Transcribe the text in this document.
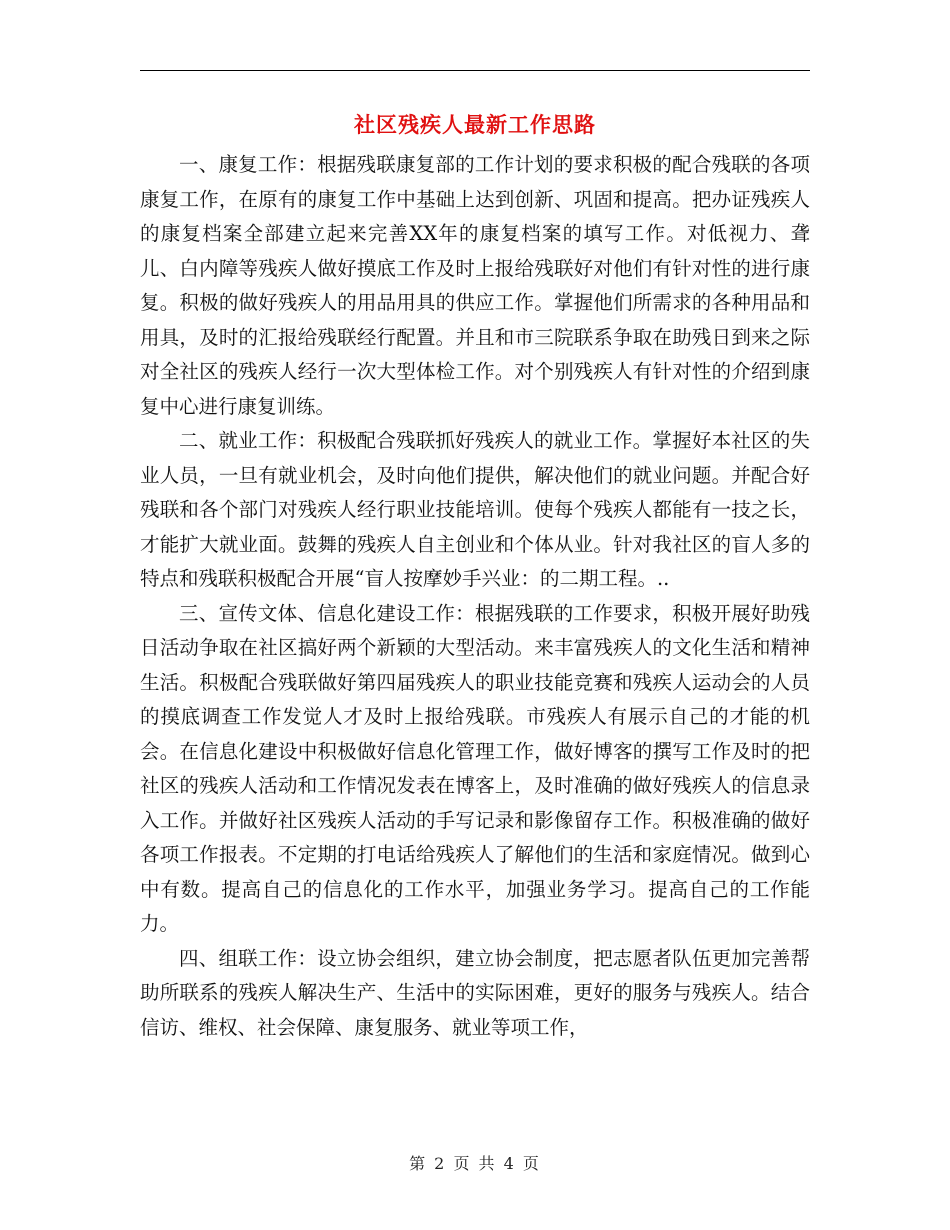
社区残疾人最新工作思路

一、康复工作：根据残联康复部的工作计划的要求积极的配合残联的各项康复工作，在原有的康复工作中基础上达到创新、巩固和提高。把办证残疾人的康复档案全部建立起来完善XX年的康复档案的填写工作。对低视力、聋儿、白内障等残疾人做好摸底工作及时上报给残联好对他们有针对性的进行康复。积极的做好残疾人的用品用具的供应工作。掌握他们所需求的各种用品和用具，及时的汇报给残联经行配置。并且和市三院联系争取在助残日到来之际对全社区的残疾人经行一次大型体检工作。对个别残疾人有针对性的介绍到康复中心进行康复训练。

二、就业工作：积极配合残联抓好残疾人的就业工作。掌握好本社区的失业人员，一旦有就业机会，及时向他们提供，解决他们的就业问题。并配合好残联和各个部门对残疾人经行职业技能培训。使每个残疾人都能有一技之长，才能扩大就业面。鼓舞的残疾人自主创业和个体从业。针对我社区的盲人多的特点和残联积极配合开展“盲人按摩妙手兴业：的二期工程。..

三、宣传文体、信息化建设工作：根据残联的工作要求，积极开展好助残日活动争取在社区搞好两个新颖的大型活动。来丰富残疾人的文化生活和精神生活。积极配合残联做好第四届残疾人的职业技能竞赛和残疾人运动会的人员的摸底调查工作发觉人才及时上报给残联。市残疾人有展示自己的才能的机会。在信息化建设中积极做好信息化管理工作，做好博客的撰写工作及时的把社区的残疾人活动和工作情况发表在博客上，及时准确的做好残疾人的信息录入工作。并做好社区残疾人活动的手写记录和影像留存工作。积极准确的做好各项工作报表。不定期的打电话给残疾人了解他们的生活和家庭情况。做到心中有数。提高自己的信息化的工作水平，加强业务学习。提高自己的工作能力。

四、组联工作：设立协会组织，建立协会制度，把志愿者队伍更加完善帮助所联系的残疾人解决生产、生活中的实际困难，更好的服务与残疾人。结合信访、维权、社会保障、康复服务、就业等项工作，

第 2 页 共 4 页
